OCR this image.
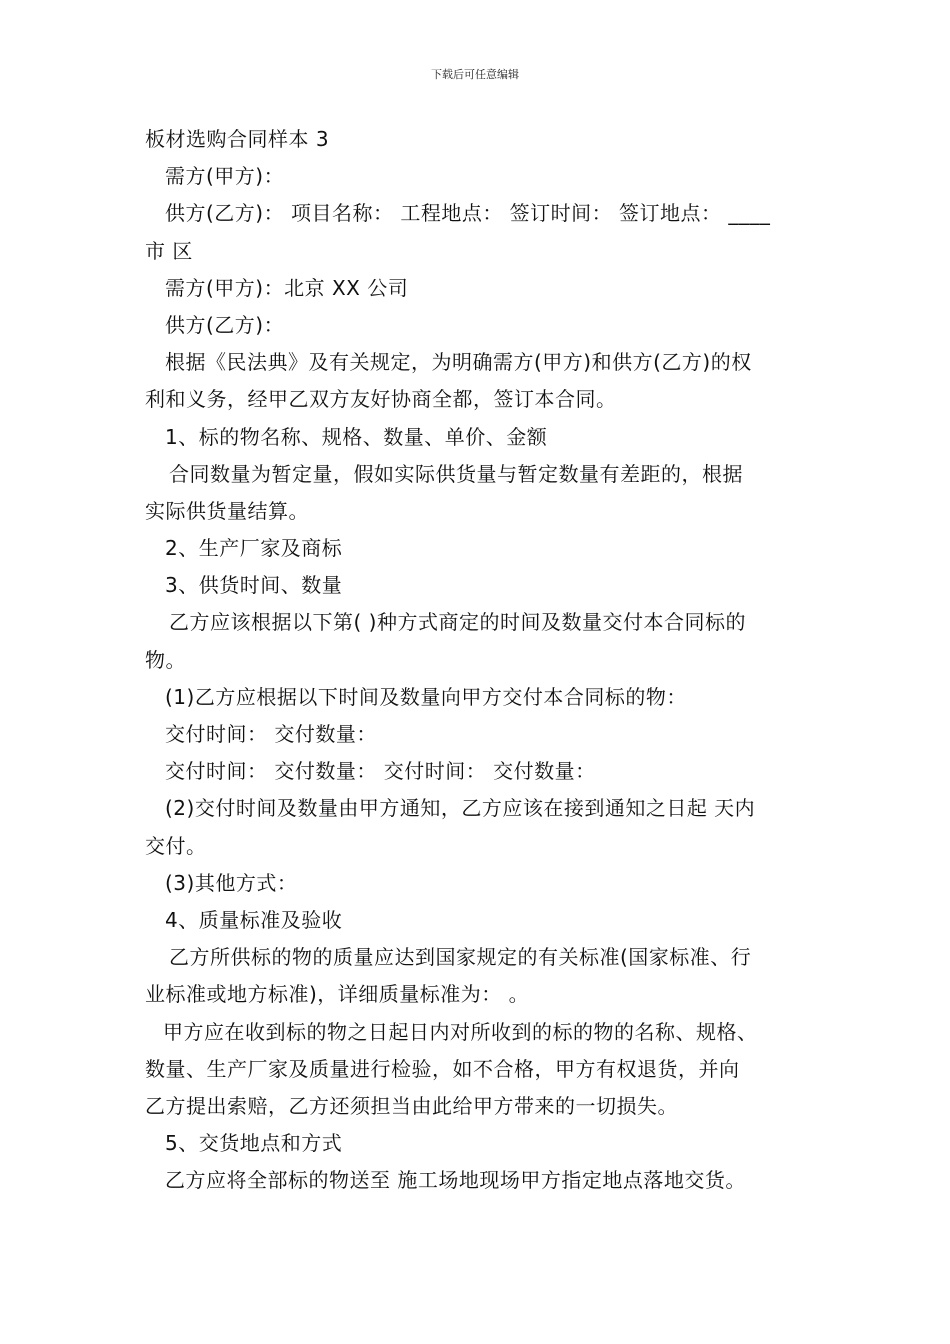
下载后可任意编辑
板材选购合同样本 3
需方(甲方)：
供方(乙方)： 项目名称： 工程地点： 签订时间： 签订地点： ____
市 区
需方(甲方)：北京 XX 公司
供方(乙方)：
根据《民法典》及有关规定，为明确需方(甲方)和供方(乙方)的权
利和义务，经甲乙双方友好协商全都，签订本合同。
1、标的物名称、规格、数量、单价、金额
合同数量为暂定量，假如实际供货量与暂定数量有差距的，根据
实际供货量结算。
2、生产厂家及商标
3、供货时间、数量
乙方应该根据以下第( )种方式商定的时间及数量交付本合同标的
物。
(1)乙方应根据以下时间及数量向甲方交付本合同标的物：
交付时间： 交付数量：
交付时间： 交付数量： 交付时间： 交付数量：
(2)交付时间及数量由甲方通知，乙方应该在接到通知之日起 天内
交付。
(3)其他方式：
4、质量标准及验收
乙方所供标的物的质量应达到国家规定的有关标准(国家标准、行
业标准或地方标准)，详细质量标准为： 。
甲方应在收到标的物之日起日内对所收到的标的物的名称、规格、
数量、生产厂家及质量进行检验，如不合格，甲方有权退货，并向
乙方提出索赔，乙方还须担当由此给甲方带来的一切损失。
5、交货地点和方式
乙方应将全部标的物送至 施工场地现场甲方指定地点落地交货。
